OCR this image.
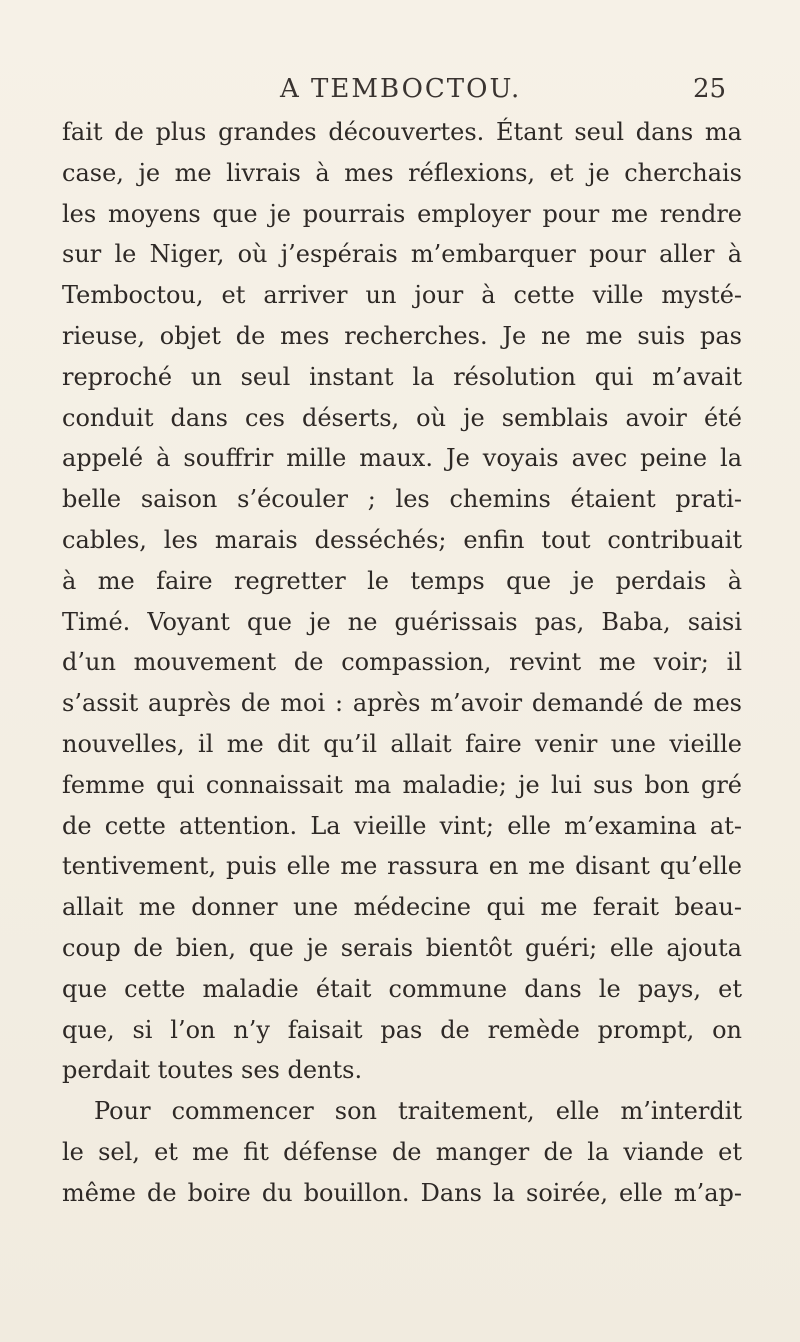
A TEMBOCTOU.	25
fait de plus grandes découvertes. Étant seul dans ma
case, je me livrais à mes réflexions, et je cherchais
les moyens que je pourrais employer pour me rendre
sur le Niger, où j’espérais m’embarquer pour aller à
Temboctou, et arriver un jour à cette ville mysté-
rieuse, objet de mes recherches. Je ne me suis pas
reproché un seul instant la résolution qui m’avait
conduit dans ces déserts, où je semblais avoir été
appelé à souffrir mille maux. Je voyais avec peine la
belle saison s’écouler ; les chemins étaient prati-
cables, les marais desséchés; enfin tout contribuait
à me faire regretter le temps que je perdais à
Timé. Voyant que je ne guérissais pas, Baba, saisi
d’un mouvement de compassion, revint me voir; il
s’assit auprès de moi : après m’avoir demandé de mes
nouvelles, il me dit qu’il allait faire venir une vieille
femme qui connaissait ma maladie; je lui sus bon gré
de cette attention. La vieille vint; elle m’examina at-
tentivement, puis elle me rassura en me disant qu’elle
allait me donner une médecine qui me ferait beau-
coup de bien, que je serais bientôt guéri; elle ajouta
que cette maladie était commune dans le pays, et
que, si l’on n’y faisait pas de remède prompt, on
perdait toutes ses dents.
Pour commencer son traitement, elle m’interdit
le sel, et me fit défense de manger de la viande et
même de boire du bouillon. Dans la soirée, elle m’ap-
